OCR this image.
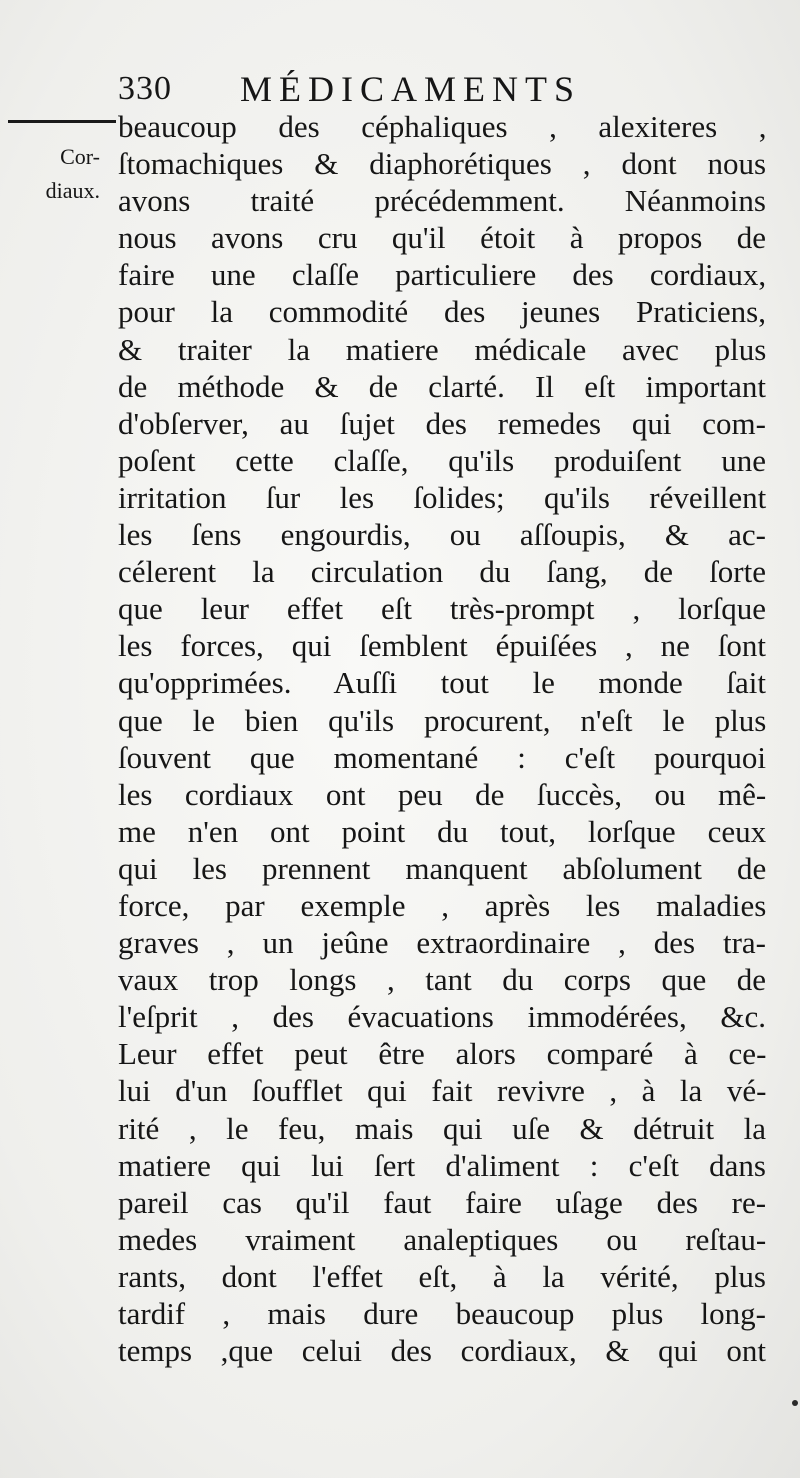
330 MÉDICAMENTS
Cor-
diaux.
beaucoup des céphaliques , alexiteres ,
ſtomachiques & diaphorétiques , dont nous
avons traité précédemment. Néanmoins
nous avons cru qu'il étoit à propos de
faire une claſſe particuliere des cordiaux,
pour la commodité des jeunes Praticiens,
& traiter la matiere médicale avec plus
de méthode & de clarté. Il eſt important
d'obſerver, au ſujet des remedes qui com-
poſent cette claſſe, qu'ils produiſent une
irritation ſur les ſolides; qu'ils réveillent
les ſens engourdis, ou aſſoupis, & ac-
célerent la circulation du ſang, de ſorte
que leur effet eſt très-prompt , lorſque
les forces, qui ſemblent épuiſées , ne ſont
qu'opprimées. Auſſi tout le monde ſait
que le bien qu'ils procurent, n'eſt le plus
ſouvent que momentané : c'eſt pourquoi
les cordiaux ont peu de ſuccès, ou mê-
me n'en ont point du tout, lorſque ceux
qui les prennent manquent abſolument de
force, par exemple , après les maladies
graves , un jeûne extraordinaire , des tra-
vaux trop longs , tant du corps que de
l'eſprit , des évacuations immodérées, &c.
Leur effet peut être alors comparé à ce-
lui d'un ſoufflet qui fait revivre , à la vé-
rité , le feu, mais qui uſe & détruit la
matiere qui lui ſert d'aliment : c'eſt dans
pareil cas qu'il faut faire uſage des re-
medes vraiment analeptiques ou reſtau-
rants, dont l'effet eſt, à la vérité, plus
tardif , mais dure beaucoup plus long-
temps ,que celui des cordiaux, & qui ont
